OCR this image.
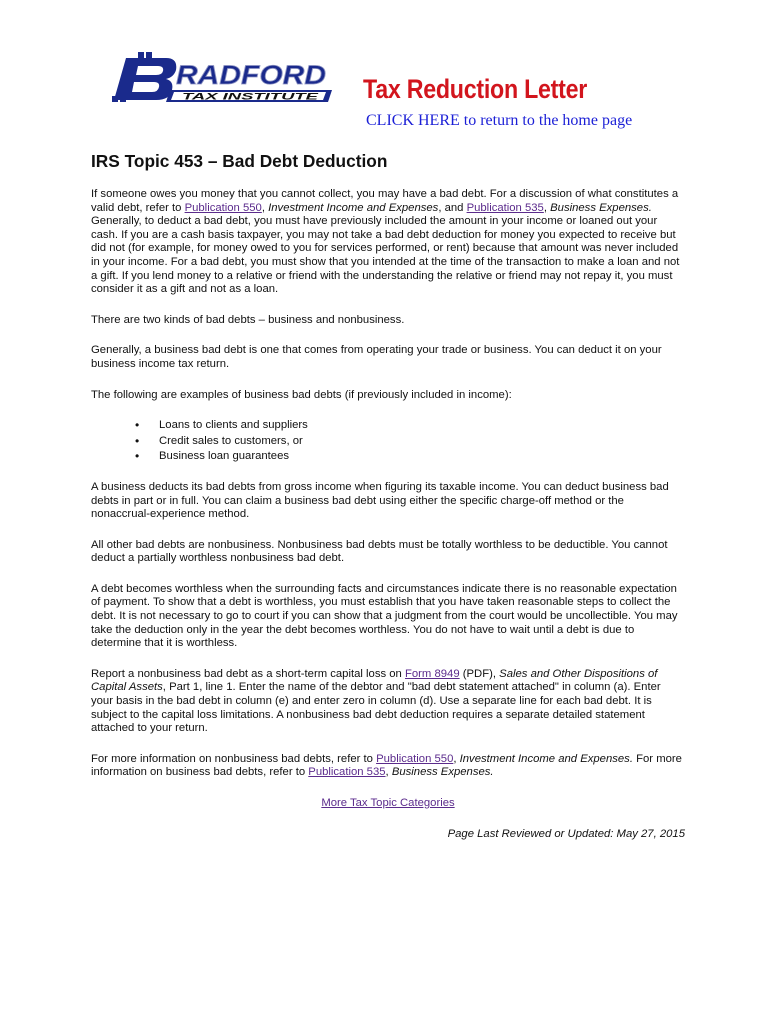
RADFORD
TAX INSTITUTE Tax Reduction Letter
CLICK HERE to return to the home page
IRS Topic 453 – Bad Debt Deduction

If someone owes you money that you cannot collect, you may have a bad debt. For a discussion of what constitutes a valid debt, refer to Publication 550, Investment Income and Expenses, and Publication 535, Business Expenses. Generally, to deduct a bad debt, you must have previously included the amount in your income or loaned out your cash. If you are a cash basis taxpayer, you may not take a bad debt deduction for money you expected to receive but did not (for example, for money owed to you for services performed, or rent) because that amount was never included in your income. For a bad debt, you must show that you intended at the time of the transaction to make a loan and not a gift. If you lend money to a relative or friend with the understanding the relative or friend may not repay it, you must consider it as a gift and not as a loan.

There are two kinds of bad debts – business and nonbusiness.

Generally, a business bad debt is one that comes from operating your trade or business. You can deduct it on your business income tax return.

The following are examples of business bad debts (if previously included in income):

• Loans to clients and suppliers
• Credit sales to customers, or
• Business loan guarantees

A business deducts its bad debts from gross income when figuring its taxable income. You can deduct business bad debts in part or in full. You can claim a business bad debt using either the specific charge-off method or the nonaccrual-experience method.

All other bad debts are nonbusiness. Nonbusiness bad debts must be totally worthless to be deductible. You cannot deduct a partially worthless nonbusiness bad debt.

A debt becomes worthless when the surrounding facts and circumstances indicate there is no reasonable expectation of payment. To show that a debt is worthless, you must establish that you have taken reasonable steps to collect the debt. It is not necessary to go to court if you can show that a judgment from the court would be uncollectible. You may take the deduction only in the year the debt becomes worthless. You do not have to wait until a debt is due to determine that it is worthless.

Report a nonbusiness bad debt as a short-term capital loss on Form 8949 (PDF), Sales and Other Dispositions of Capital Assets, Part 1, line 1. Enter the name of the debtor and "bad debt statement attached" in column (a). Enter your basis in the bad debt in column (e) and enter zero in column (d). Use a separate line for each bad debt. It is subject to the capital loss limitations. A nonbusiness bad debt deduction requires a separate detailed statement attached to your return.

For more information on nonbusiness bad debts, refer to Publication 550, Investment Income and Expenses. For more information on business bad debts, refer to Publication 535, Business Expenses.

More Tax Topic Categories

Page Last Reviewed or Updated: May 27, 2015
